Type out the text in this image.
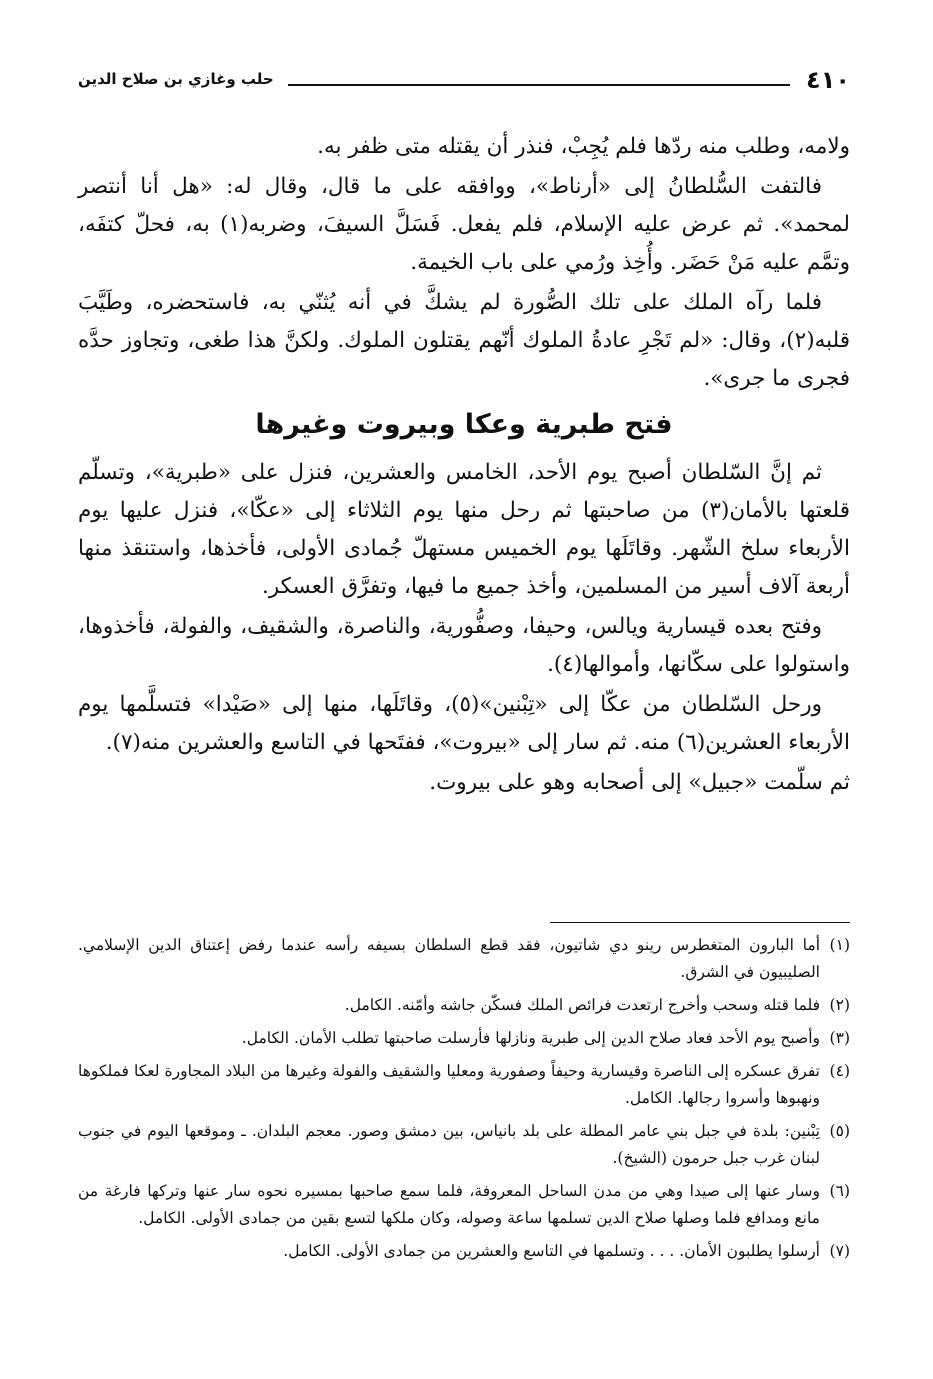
٤١٠
حلب وغازي بن صلاح الدين

ولامه، وطلب منه ردّها فلم يُجِبْ، فنذر أن يقتله متى ظفر به.

فالتفت السُّلطانُ إلى «أرناط»، ووافقه على ما قال، وقال له: «هل أنا أنتصر لمحمد». ثم عرض عليه الإسلام، فلم يفعل. فَسَلَّ السيفَ، وضربه(١) به، فحلّ كتفَه، وتمَّم عليه مَنْ حَضَر. وأُخِذ ورُمي على باب الخيمة.

فلما رآه الملك على تلك الصُّورة لم يشكَّ في أنه يُثنّي به، فاستحضره، وطَيَّبَ قلبه(٢)، وقال: «لم تَجْرِ عادةُ الملوك أنّهم يقتلون الملوك. ولكنَّ هذا طغى، وتجاوز حدَّه فجرى ما جرى».

فتح طبرية وعكا وبيروت وغيرها

ثم إنَّ السّلطان أصبح يوم الأحد، الخامس والعشرين، فنزل على «طبرية»، وتسلّم قلعتها بالأمان(٣) من صاحبتها ثم رحل منها يوم الثلاثاء إلى «عكّا»، فنزل عليها يوم الأربعاء سلخ الشّهر. وقاتَلَها يوم الخميس مستهلّ جُمادى الأولى، فأخذها، واستنقذ منها أربعة آلاف أسير من المسلمين، وأخذ جميع ما فيها، وتفرَّق العسكر.

وفتح بعده قيسارية ويالس، وحيفا، وصفُّورية، والناصرة، والشقيف، والفولة، فأخذوها، واستولوا على سكّانها، وأموالها(٤).

ورحل السّلطان من عكّا إلى «تِبْنين»(٥)، وقاتَلَها، منها إلى «صَيْدا» فتسلَّمها يوم الأربعاء العشرين(٦) منه. ثم سار إلى «بيروت»، ففتَحها في التاسع والعشرين منه(٧).

ثم سلّمت «جبيل» إلى أصحابه وهو على بيروت.

(١)
أما البارون المتغطرس رينو دي شاتيون، فقد قطع السلطان بسيفه رأسه عندما رفض إعتناق الدين الإسلامي. الصليبيون في الشرق.
(٢)
فلما قتله وسحب وأخرج ارتعدت فرائص الملك فسكّن جاشه وأمّنه. الكامل.
(٣)
وأصبح يوم الأحد فعاد صلاح الدين إلى طبرية ونازلها فأرسلت صاحبتها تطلب الأمان. الكامل.
(٤)
تفرق عسكره إلى الناصرة وقيسارية وحيفاً وصفورية ومعليا والشقيف والفولة وغيرها من البلاد المجاورة لعكا فملكوها ونهبوها وأسروا رجالها. الكامل.
(٥)
تِبْنين: بلدة في جبل بني عامر المطلة على بلد بانياس، بين دمشق وصور. معجم البلدان. ـ وموقعها اليوم في جنوب لبنان غرب جبل حرمون (الشيخ).
(٦)
وسار عنها إلى صيدا وهي من مدن الساحل المعروفة، فلما سمع صاحبها بمسيره نحوه سار عنها وتركها فارغة من مانع ومدافع فلما وصلها صلاح الدين تسلمها ساعة وصوله، وكان ملكها لتسع بقين من جمادى الأولى. الكامل.
(٧)
أرسلوا يطلبون الأمان. . . . وتسلمها في التاسع والعشرين من جمادى الأولى. الكامل.
